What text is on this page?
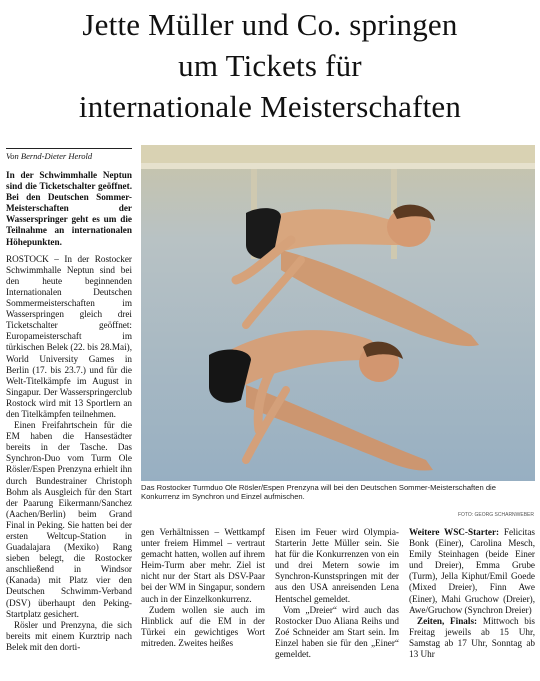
Jette Müller und Co. springen
um Tickets für
internationale Meisterschaften
Von Bernd-Dieter Herold

In der Schwimmhalle Neptun sind die Ticketschalter geöffnet. Bei den Deutschen Sommer-Meisterschaften der Wasserspringer geht es um die Teilnahme an internationalen Höhepunkten.

ROSTOCK – In der Rostocker Schwimmhalle Neptun sind bei den heute beginnenden Internationalen Deutschen Sommermeisterschaften im Wasserspringen gleich drei Ticketschalter geöffnet: Europameisterschaft im türkischen Belek (22. bis 28.Mai), World University Games in Berlin (17. bis 23.7.) und für die Welt-Titelkämpfe im August in Singapur. Der Wasserspringerclub Rostock wird mit 13 Sportlern an den Titelkämpfen teilnehmen.

Einen Freifahrtschein für die EM haben die Hansestädter bereits in der Tasche. Das Synchron-Duo vom Turm Ole Rösler/Espen Prenzyna erhielt ihn durch Bundestrainer Christoph Bohm als Ausgleich für den Start der Paarung Eikermann/Sanchez (Aachen/Berlin) beim Grand Final in Peking. Sie hatten bei der ersten Weltcup-Station in Guadalajara (Mexiko) Rang sieben belegt, die Rostocker anschließend in Windsor (Kanada) mit Platz vier den Deutschen Schwimm-Verband (DSV) überhaupt den Peking-Startplatz gesichert.

Rösler und Prenzyna, die sich bereits mit einem Kurztrip nach Belek mit den dorti-

Das Rostocker Turmduo Ole Rösler/Espen Prenzyna will bei den Deutschen Sommer-Meisterschaften die Konkurrenz im Synchron und Einzel aufmischen.
FOTO: GEORG SCHARNWEBER

gen Verhältnissen – Wettkampf unter freiem Himmel – vertraut gemacht hatten, wollen auf ihrem Heim-Turm aber mehr. Ziel ist nicht nur der Start als DSV-Paar bei der WM in Singapur, sondern auch in der Einzelkonkurrenz.

Zudem wollen sie auch im Hinblick auf die EM in der Türkei ein gewichtiges Wort mitreden. Zweites heißes

Eisen im Feuer wird Olympia-Starterin Jette Müller sein. Sie hat für die Konkurrenzen von ein und drei Metern sowie im Synchron-Kunstspringen mit der aus den USA anreisenden Lena Hentschel gemeldet.

Vom „Dreier“ wird auch das Rostocker Duo Aliana Reihs und Zoé Schneider am Start sein. Im Einzel haben sie für den „Einer“ gemeldet.

Weitere WSC-Starter: Felicitas Bonk (Einer), Carolina Mesch, Emily Steinhagen (beide Einer und Dreier), Emma Grube (Turm), Jella Kiphut/Emil Goede (Mixed Dreier), Finn Awe (Einer), Mahi Gruchow (Dreier), Awe/Gruchow (Synchron Dreier)

Zeiten, Finals: Mittwoch bis Freitag jeweils ab 15 Uhr, Samstag ab 17 Uhr, Sonntag ab 13 Uhr
